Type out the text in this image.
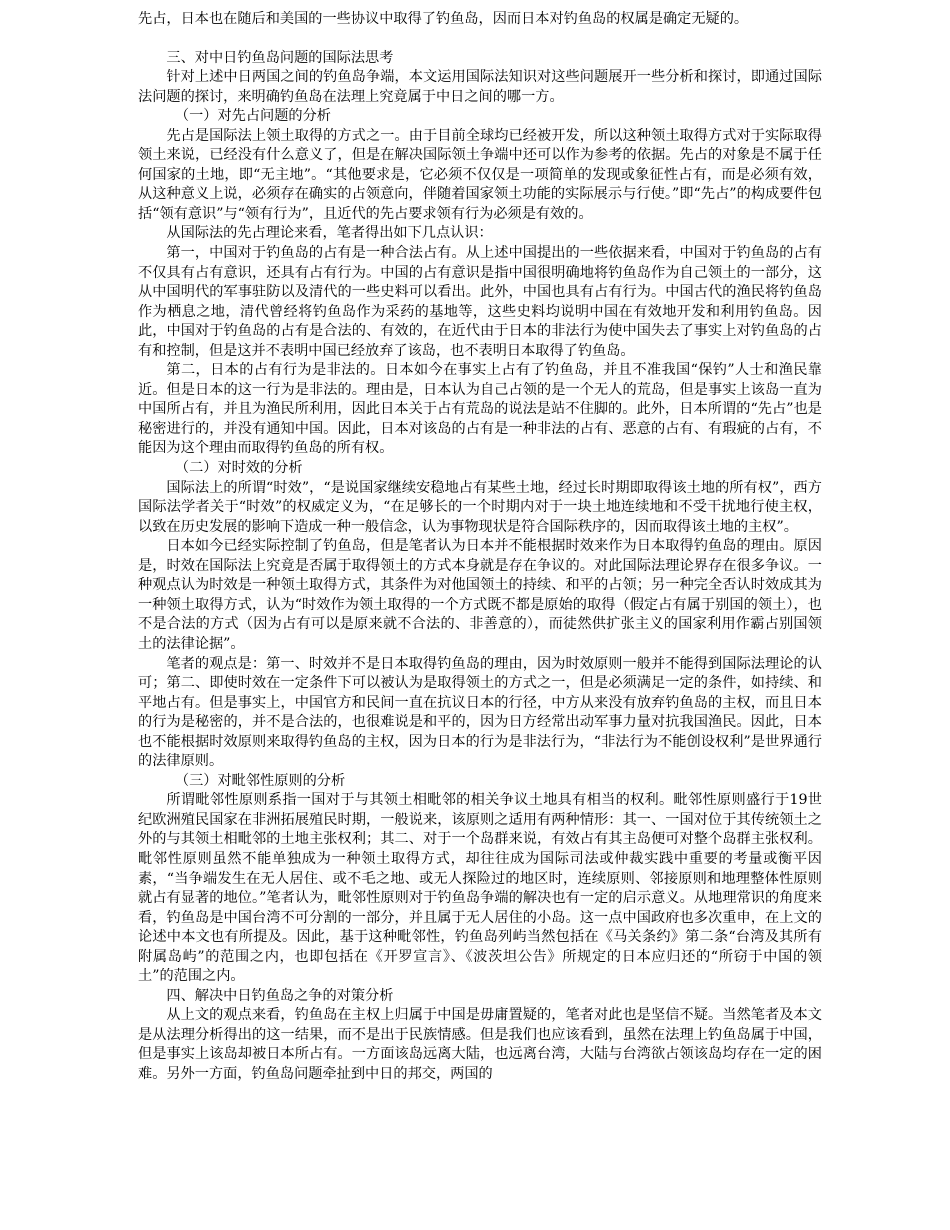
先占，日本也在随后和美国的一些协议中取得了钓鱼岛，因而日本对钓鱼岛的权属是确定无疑的。

三、对中日钓鱼岛问题的国际法思考

针对上述中日两国之间的钓鱼岛争端，本文运用国际法知识对这些问题展开一些分析和探讨，即通过国际法问题的探讨，来明确钓鱼岛在法理上究竟属于中日之间的哪一方。

（一）对先占问题的分析

先占是国际法上领土取得的方式之一。由于目前全球均已经被开发，所以这种领土取得方式对于实际取得领土来说，已经没有什么意义了，但是在解决国际领土争端中还可以作为参考的依据。先占的对象是不属于任何国家的土地，即“无主地”。“其他要求是，它必须不仅仅是一项简单的发现或象征性占有，而是必须有效，从这种意义上说，必须存在确实的占领意向，伴随着国家领土功能的实际展示与行使。”即“先占”的构成要件包括“领有意识”与“领有行为”，且近代的先占要求领有行为必须是有效的。

从国际法的先占理论来看，笔者得出如下几点认识：

第一，中国对于钓鱼岛的占有是一种合法占有。从上述中国提出的一些依据来看，中国对于钓鱼岛的占有不仅具有占有意识，还具有占有行为。中国的占有意识是指中国很明确地将钓鱼岛作为自己领土的一部分，这从中国明代的军事驻防以及清代的一些史料可以看出。此外，中国也具有占有行为。中国古代的渔民将钓鱼岛作为栖息之地，清代曾经将钓鱼岛作为采药的基地等，这些史料均说明中国在有效地开发和利用钓鱼岛。因此，中国对于钓鱼岛的占有是合法的、有效的，在近代由于日本的非法行为使中国失去了事实上对钓鱼岛的占有和控制，但是这并不表明中国已经放弃了该岛，也不表明日本取得了钓鱼岛。

第二，日本的占有行为是非法的。日本如今在事实上占有了钓鱼岛，并且不准我国“保钓”人士和渔民靠近。但是日本的这一行为是非法的。理由是，日本认为自己占领的是一个无人的荒岛，但是事实上该岛一直为中国所占有，并且为渔民所利用，因此日本关于占有荒岛的说法是站不住脚的。此外，日本所谓的“先占”也是秘密进行的，并没有通知中国。因此，日本对该岛的占有是一种非法的占有、恶意的占有、有瑕疵的占有，不能因为这个理由而取得钓鱼岛的所有权。

（二）对时效的分析

国际法上的所谓“时效”，“是说国家继续安稳地占有某些土地，经过长时期即取得该土地的所有权”，西方国际法学者关于“时效”的权威定义为，“在足够长的一个时期内对于一块土地连续地和不受干扰地行使主权，以致在历史发展的影响下造成一种一般信念，认为事物现状是符合国际秩序的，因而取得该土地的主权”。

日本如今已经实际控制了钓鱼岛，但是笔者认为日本并不能根据时效来作为日本取得钓鱼岛的理由。原因是，时效在国际法上究竟是否属于取得领土的方式本身就是存在争议的。对此国际法理论界存在很多争议。一种观点认为时效是一种领土取得方式，其条件为对他国领土的持续、和平的占领；另一种完全否认时效成其为一种领土取得方式，认为“时效作为领土取得的一个方式既不都是原始的取得（假定占有属于别国的领土），也不是合法的方式（因为占有可以是原来就不合法的、非善意的），而徒然供扩张主义的国家利用作霸占别国领土的法律论据”。

笔者的观点是：第一、时效并不是日本取得钓鱼岛的理由，因为时效原则一般并不能得到国际法理论的认可；第二、即使时效在一定条件下可以被认为是取得领土的方式之一，但是必须满足一定的条件，如持续、和平地占有。但是事实上，中国官方和民间一直在抗议日本的行径，中方从来没有放弃钓鱼岛的主权，而且日本的行为是秘密的，并不是合法的，也很难说是和平的，因为日方经常出动军事力量对抗我国渔民。因此，日本也不能根据时效原则来取得钓鱼岛的主权，因为日本的行为是非法行为，“非法行为不能创设权利”是世界通行的法律原则。

（三）对毗邻性原则的分析

所谓毗邻性原则系指一国对于与其领土相毗邻的相关争议土地具有相当的权利。毗邻性原则盛行于19世纪欧洲殖民国家在非洲拓展殖民时期，一般说来，该原则之适用有两种情形：其一、一国对位于其传统领土之外的与其领土相毗邻的土地主张权利；其二、对于一个岛群来说，有效占有其主岛便可对整个岛群主张权利。毗邻性原则虽然不能单独成为一种领土取得方式，却往往成为国际司法或仲裁实践中重要的考量或衡平因素，“当争端发生在无人居住、或不毛之地、或无人探险过的地区时，连续原则、邻接原则和地理整体性原则就占有显著的地位。”笔者认为，毗邻性原则对于钓鱼岛争端的解决也有一定的启示意义。从地理常识的角度来看，钓鱼岛是中国台湾不可分割的一部分，并且属于无人居住的小岛。这一点中国政府也多次重申，在上文的论述中本文也有所提及。因此，基于这种毗邻性，钓鱼岛列屿当然包括在《马关条约》第二条“台湾及其所有附属岛屿”的范围之内，也即包括在《开罗宣言》、《波茨坦公告》所规定的日本应归还的“所窃于中国的领土”的范围之内。

四、解决中日钓鱼岛之争的对策分析

从上文的观点来看，钓鱼岛在主权上归属于中国是毋庸置疑的，笔者对此也是坚信不疑。当然笔者及本文是从法理分析得出的这一结果，而不是出于民族情感。但是我们也应该看到，虽然在法理上钓鱼岛属于中国，但是事实上该岛却被日本所占有。一方面该岛远离大陆，也远离台湾，大陆与台湾欲占领该岛均存在一定的困难。另外一方面，钓鱼岛问题牵扯到中日的邦交，两国的
